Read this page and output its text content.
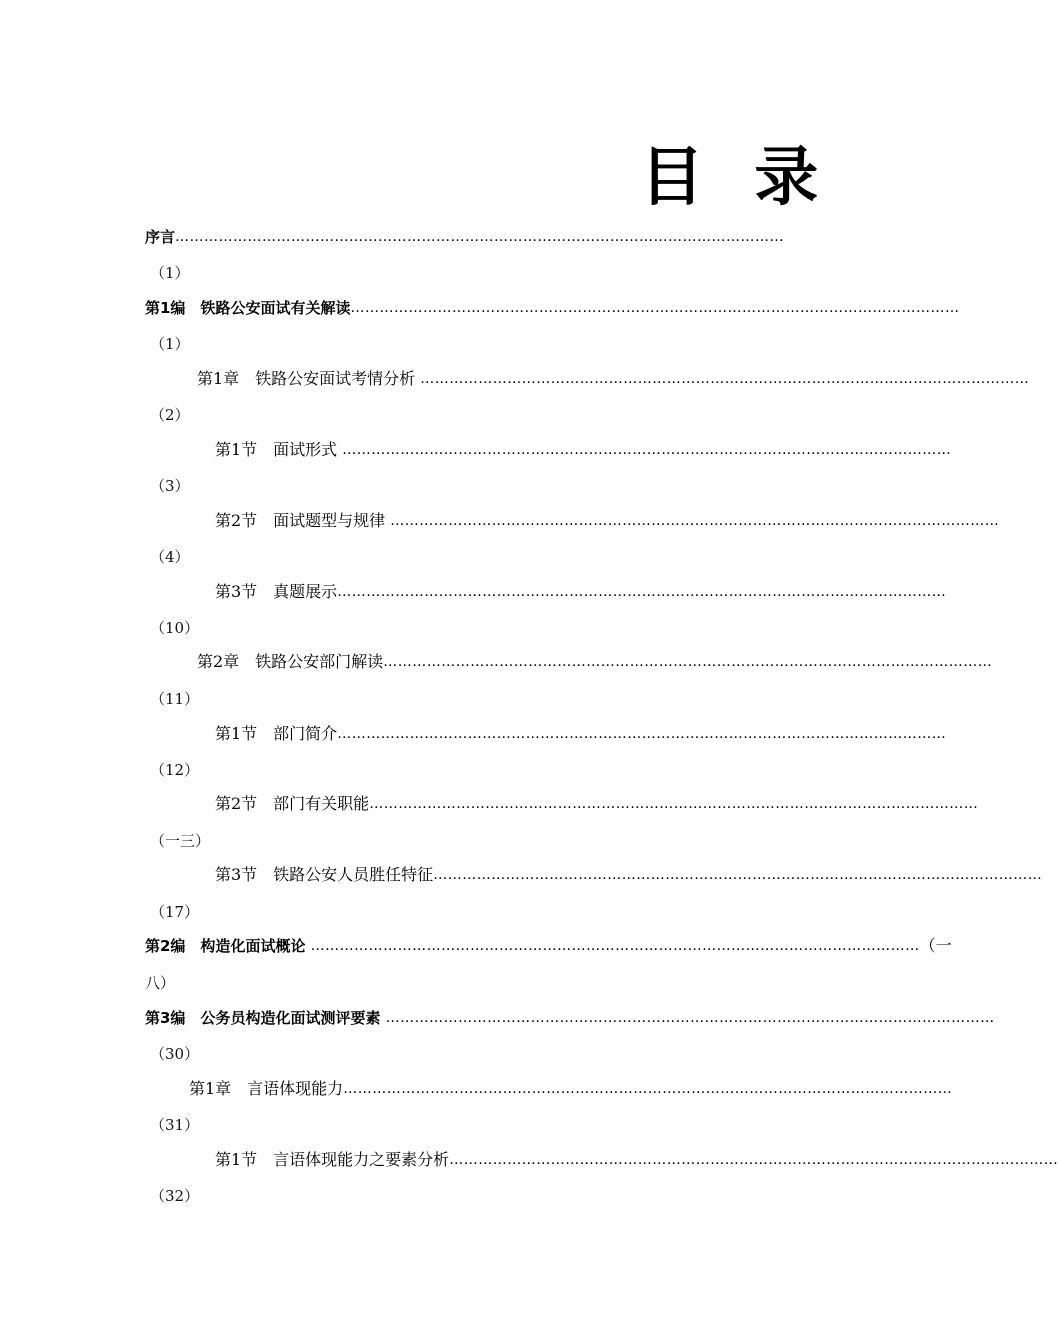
目 录
序言 ………………………………………………………………………………………………………………
（1）
第1编　铁路公安面试有关解读 ………………………………………………………………………………………………………………
（1）
第1章　铁路公安面试考情分析 ………………………………………………………………………………………………………………
（2）
第1节　面试形式 ………………………………………………………………………………………………………………
（3）
第2节　面试题型与规律 ………………………………………………………………………………………………………………
（4）
第3节　真题展示 ………………………………………………………………………………………………………………
（10）
第2章　铁路公安部门解读 ………………………………………………………………………………………………………………
（11）
第1节　部门简介 ………………………………………………………………………………………………………………
（12）
第2节　部门有关职能 ………………………………………………………………………………………………………………
（一三）
第3节　铁路公安人员胜任特征 ………………………………………………………………………………………………………………
（17）
第2编　构造化面试概论 ……………………………………………………………………………………………………………… （一
八）
第3编　公务员构造化面试测评要素 ………………………………………………………………………………………………………………
（30）
第1章　言语体现能力 ………………………………………………………………………………………………………………
（31）
第1节　言语体现能力之要素分析 ………………………………………………………………………………………………………………
（32）
